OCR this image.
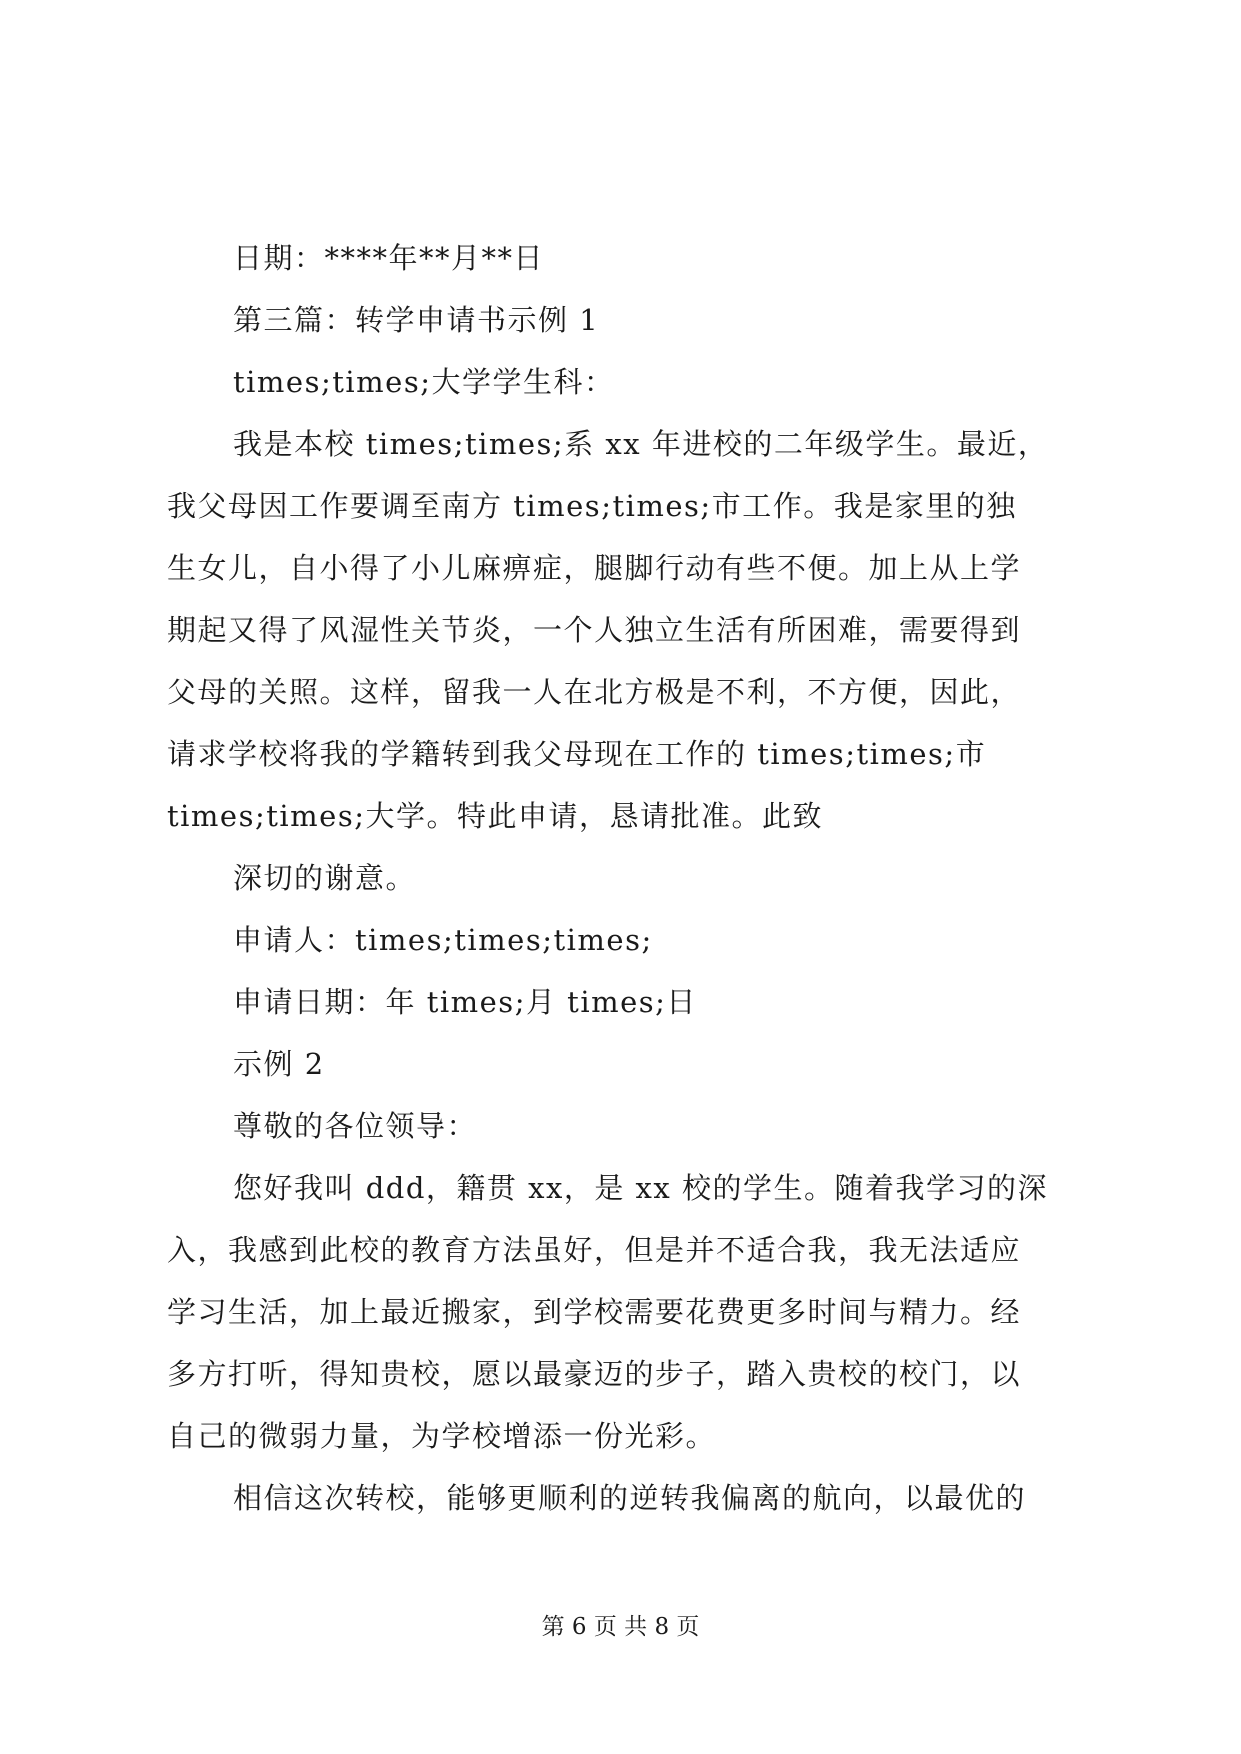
日期：****年**月**日
第三篇：转学申请书示例 1
times;times;大学学生科：
我是本校 times;times;系 xx 年进校的二年级学生。最近，
我父母因工作要调至南方 times;times;市工作。我是家里的独
生女儿，自小得了小儿麻痹症，腿脚行动有些不便。加上从上学
期起又得了风湿性关节炎，一个人独立生活有所困难，需要得到
父母的关照。这样，留我一人在北方极是不利，不方便，因此，
请求学校将我的学籍转到我父母现在工作的 times;times;市
times;times;大学。特此申请，恳请批准。此致
深切的谢意。
申请人：times;times;times;
申请日期：年 times;月 times;日
示例 2
尊敬的各位领导：
您好我叫 ddd，籍贯 xx，是 xx 校的学生。随着我学习的深
入，我感到此校的教育方法虽好，但是并不适合我，我无法适应
学习生活，加上最近搬家，到学校需要花费更多时间与精力。经
多方打听，得知贵校，愿以最豪迈的步子，踏入贵校的校门，以
自己的微弱力量，为学校增添一份光彩。
相信这次转校，能够更顺利的逆转我偏离的航向，以最优的
第 6 页 共 8 页
